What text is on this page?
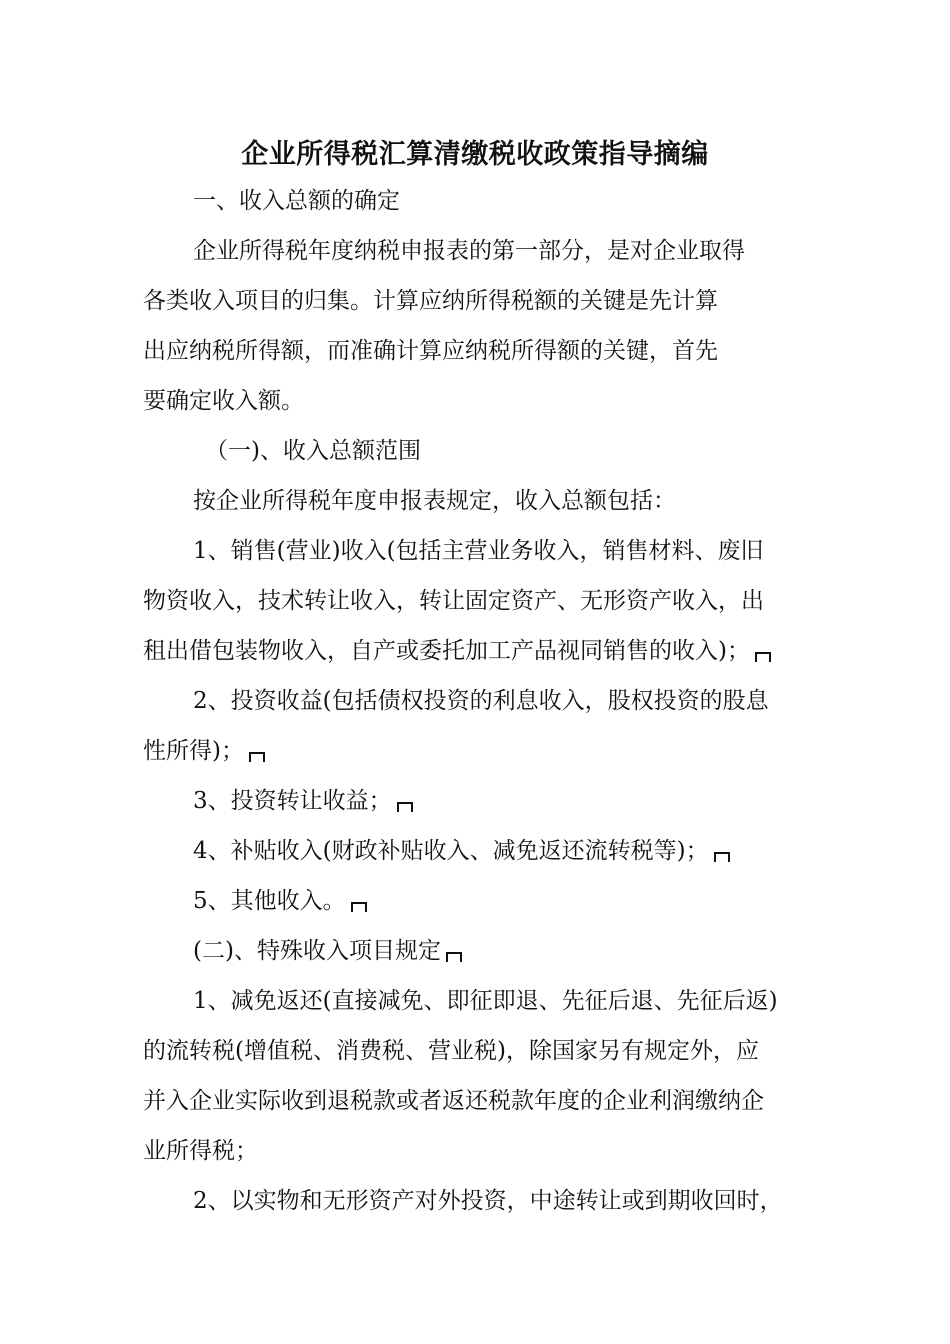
企业所得税汇算清缴税收政策指导摘编
一、收入总额的确定
企业所得税年度纳税申报表的第一部分，是对企业取得
各类收入项目的归集。计算应纳所得税额的关键是先计算
出应纳税所得额，而准确计算应纳税所得额的关键，首先
要确定收入额。
（一)、收入总额范围
按企业所得税年度申报表规定，收入总额包括：
1、销售(营业)收入(包括主营业务收入，销售材料、废旧
物资收入，技术转让收入，转让固定资产、无形资产收入，出
租出借包装物收入，自产或委托加工产品视同销售的收入)；
2、投资收益(包括债权投资的利息收入，股权投资的股息
性所得)；
3、投资转让收益；
4、补贴收入(财政补贴收入、减免返还流转税等)；
5、其他收入。
(二)、特殊收入项目规定
1、减免返还(直接减免、即征即退、先征后退、先征后返)
的流转税(增值税、消费税、营业税)，除国家另有规定外，应
并入企业实际收到退税款或者返还税款年度的企业利润缴纳企
业所得税；
2、以实物和无形资产对外投资，中途转让或到期收回时，
